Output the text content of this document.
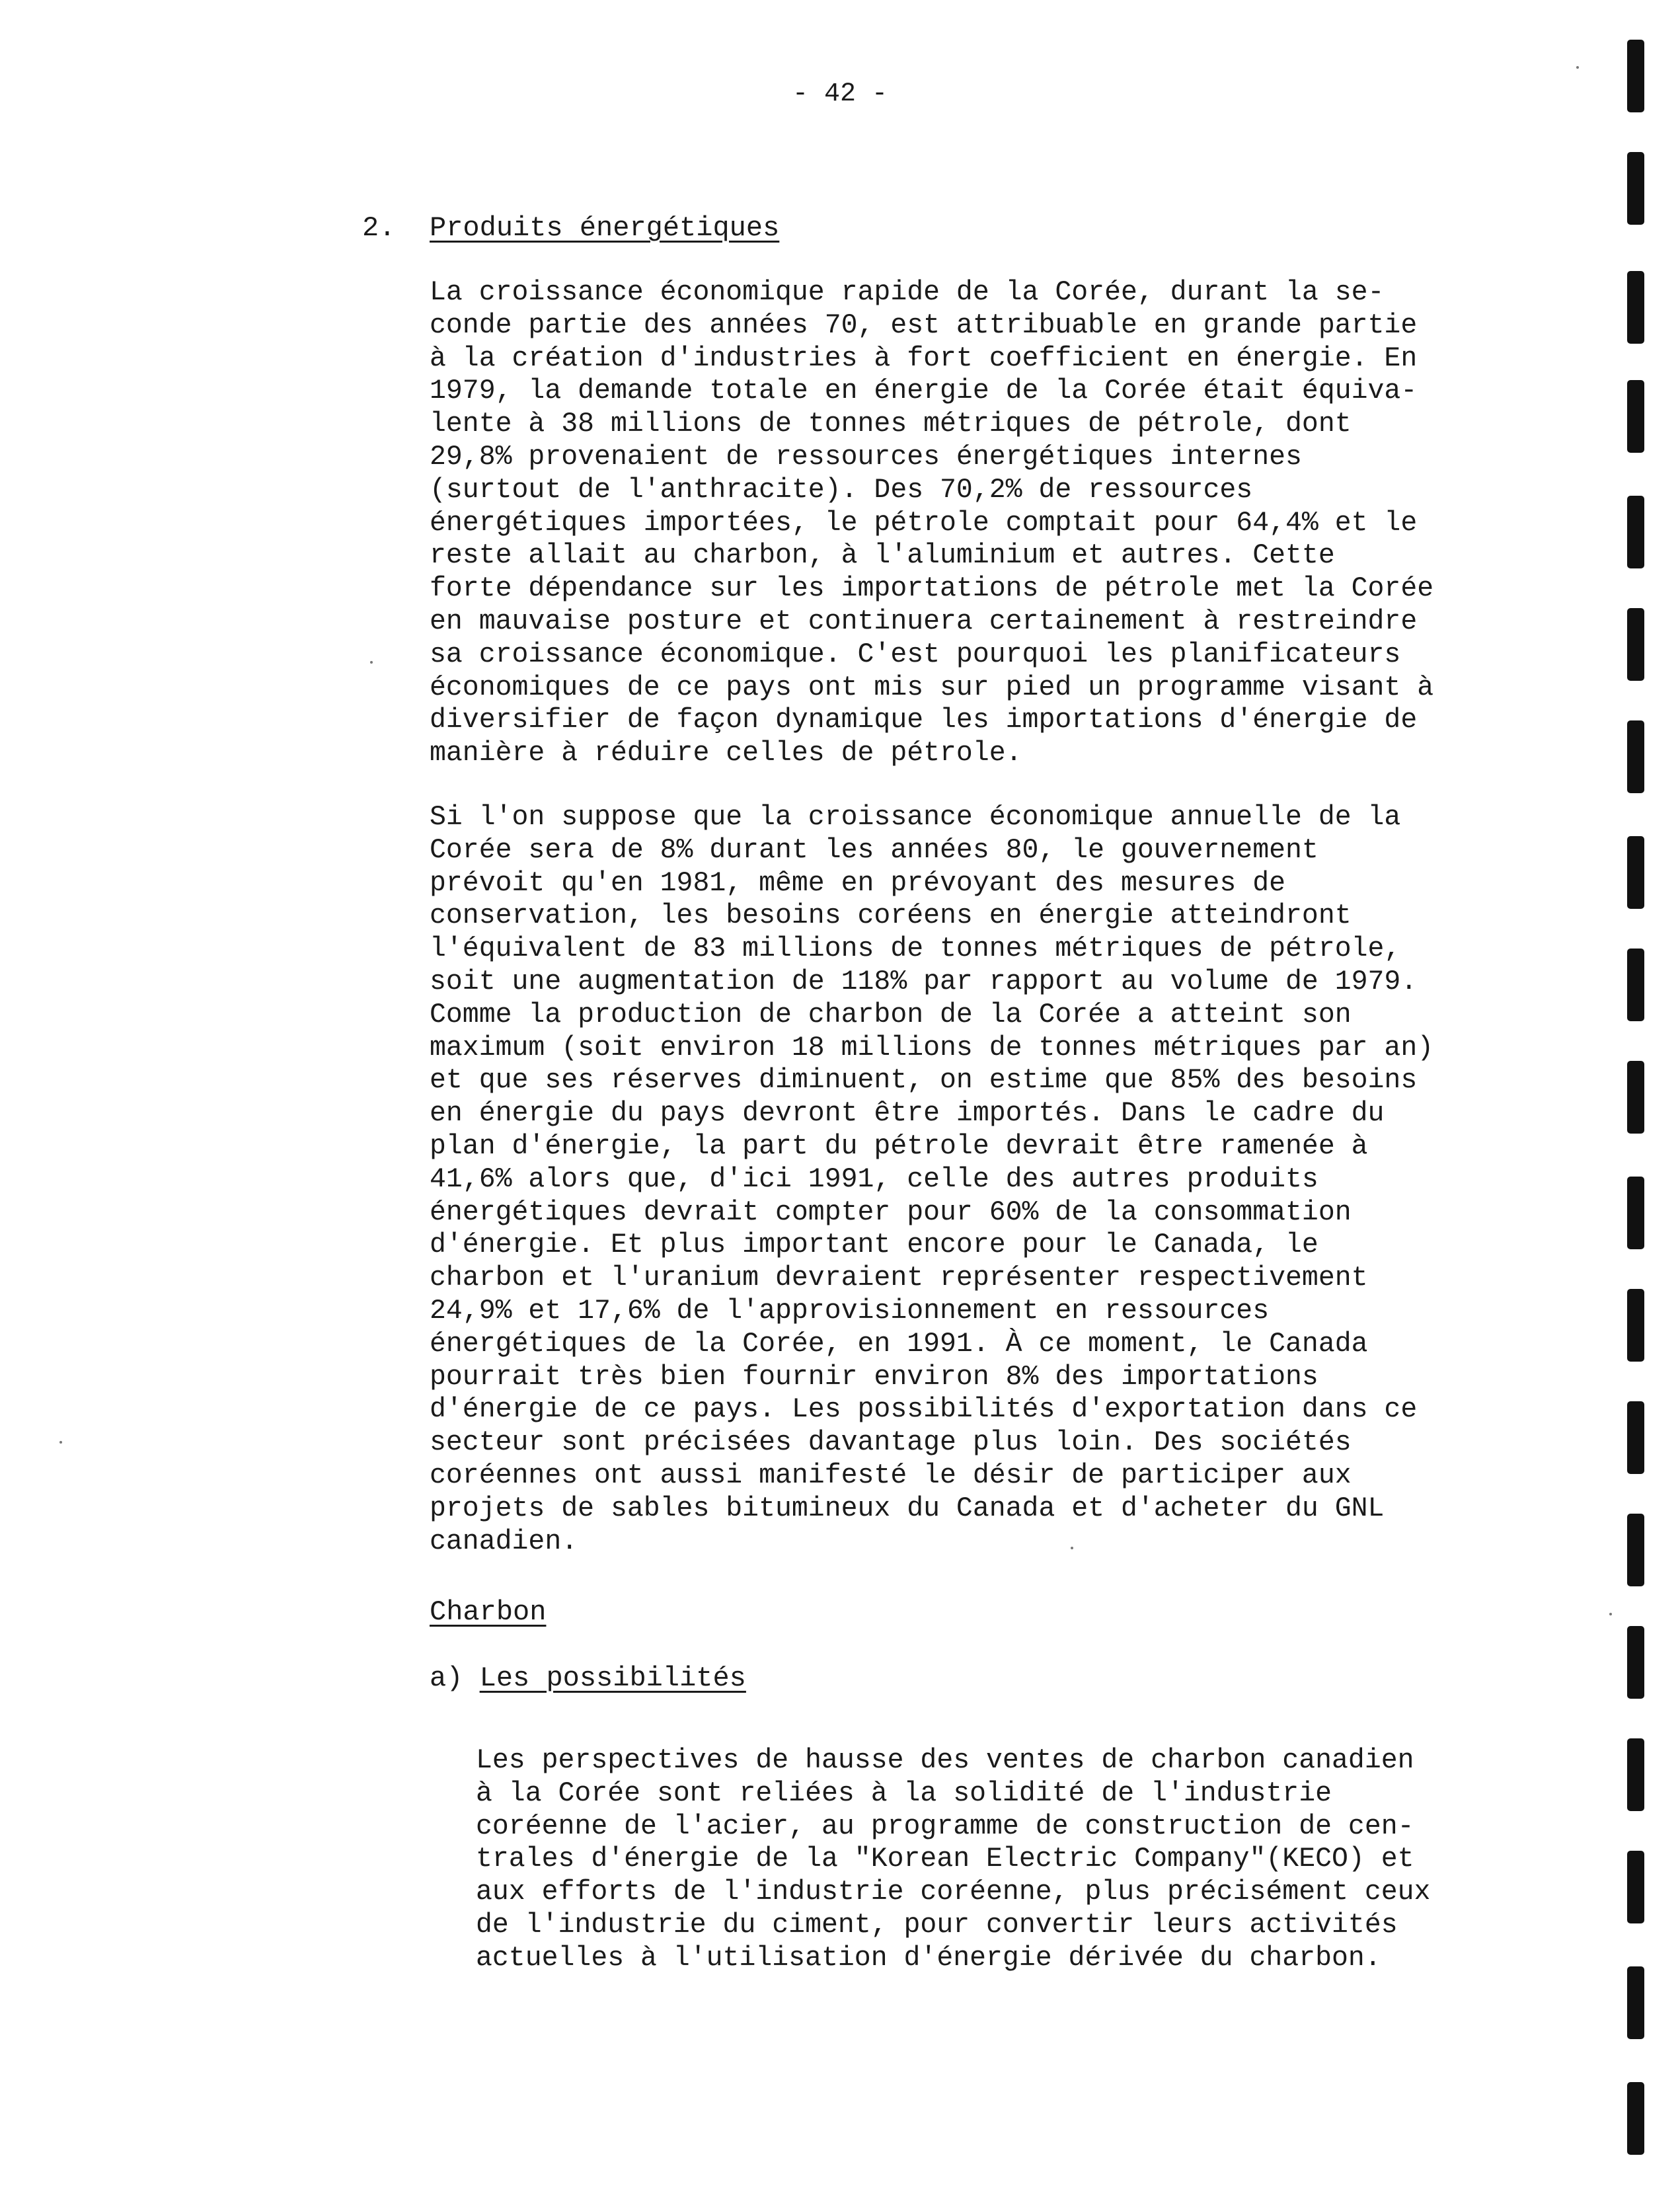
- 42 -
2. Produits énergétiques
La croissance économique rapide de la Corée, durant la se-
conde partie des années 70, est attribuable en grande partie
à la création d'industries à fort coefficient en énergie. En
1979, la demande totale en énergie de la Corée était équiva-
lente à 38 millions de tonnes métriques de pétrole, dont
29,8% provenaient de ressources énergétiques internes
(surtout de l'anthracite). Des 70,2% de ressources
énergétiques importées, le pétrole comptait pour 64,4% et le
reste allait au charbon, à l'aluminium et autres. Cette
forte dépendance sur les importations de pétrole met la Corée
en mauvaise posture et continuera certainement à restreindre
sa croissance économique. C'est pourquoi les planificateurs
économiques de ce pays ont mis sur pied un programme visant à
diversifier de façon dynamique les importations d'énergie de
manière à réduire celles de pétrole.
Si l'on suppose que la croissance économique annuelle de la
Corée sera de 8% durant les années 80, le gouvernement
prévoit qu'en 1981, même en prévoyant des mesures de
conservation, les besoins coréens en énergie atteindront
l'équivalent de 83 millions de tonnes métriques de pétrole,
soit une augmentation de 118% par rapport au volume de 1979.
Comme la production de charbon de la Corée a atteint son
maximum (soit environ 18 millions de tonnes métriques par an)
et que ses réserves diminuent, on estime que 85% des besoins
en énergie du pays devront être importés. Dans le cadre du
plan d'énergie, la part du pétrole devrait être ramenée à
41,6% alors que, d'ici 1991, celle des autres produits
énergétiques devrait compter pour 60% de la consommation
d'énergie. Et plus important encore pour le Canada, le
charbon et l'uranium devraient représenter respectivement
24,9% et 17,6% de l'approvisionnement en ressources
énergétiques de la Corée, en 1991. À ce moment, le Canada
pourrait très bien fournir environ 8% des importations
d'énergie de ce pays. Les possibilités d'exportation dans ce
secteur sont précisées davantage plus loin. Des sociétés
coréennes ont aussi manifesté le désir de participer aux
projets de sables bitumineux du Canada et d'acheter du GNL
canadien.
Charbon
a) Les possibilités
Les perspectives de hausse des ventes de charbon canadien
à la Corée sont reliées à la solidité de l'industrie
coréenne de l'acier, au programme de construction de cen-
trales d'énergie de la "Korean Electric Company"(KECO) et
aux efforts de l'industrie coréenne, plus précisément ceux
de l'industrie du ciment, pour convertir leurs activités
actuelles à l'utilisation d'énergie dérivée du charbon.
